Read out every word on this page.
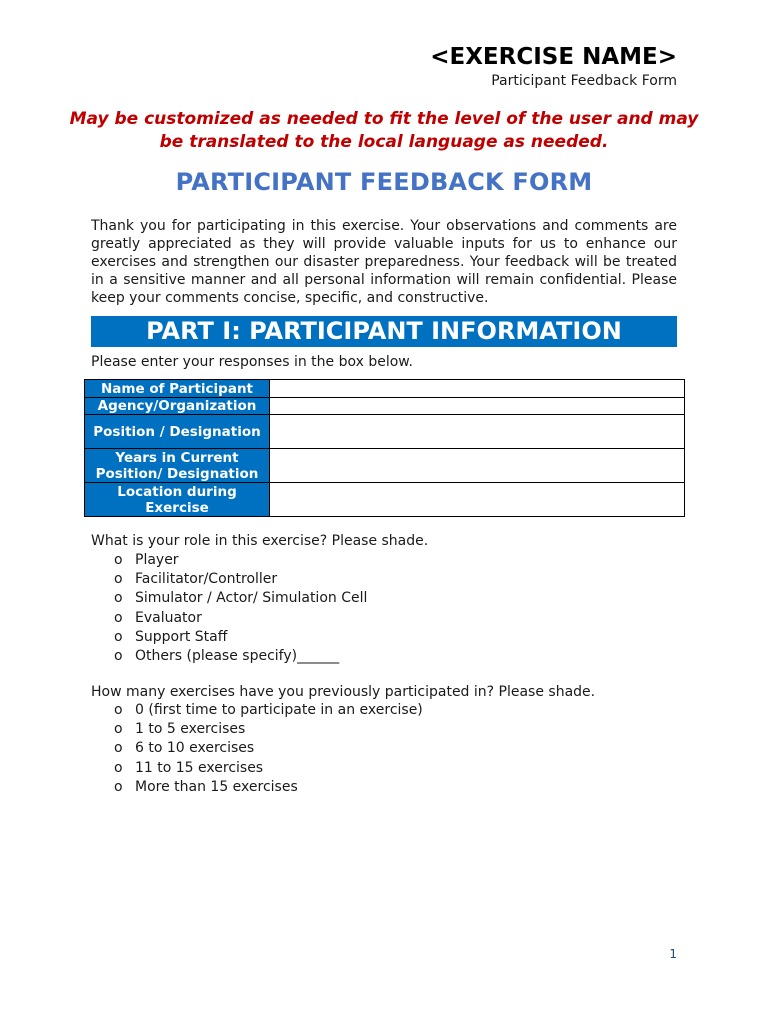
<EXERCISE NAME>
Participant Feedback Form
May be customized as needed to fit the level of the user and may be translated to the local language as needed.
PARTICIPANT FEEDBACK FORM
Thank you for participating in this exercise. Your observations and comments are greatly appreciated as they will provide valuable inputs for us to enhance our exercises and strengthen our disaster preparedness. Your feedback will be treated in a sensitive manner and all personal information will remain confidential. Please keep your comments concise, specific, and constructive.
PART I: PARTICIPANT INFORMATION
Please enter your responses in the box below.
Name of Participant	
Agency/Organization	
Position / Designation	
Years in Current Position/ Designation	
Location during Exercise	
What is your role in this exercise? Please shade.
o Player
o Facilitator/Controller
o Simulator / Actor/ Simulation Cell
o Evaluator
o Support Staff
o Others (please specify)______
How many exercises have you previously participated in? Please shade.
o 0 (first time to participate in an exercise)
o 1 to 5 exercises
o 6 to 10 exercises
o 11 to 15 exercises
o More than 15 exercises
1
